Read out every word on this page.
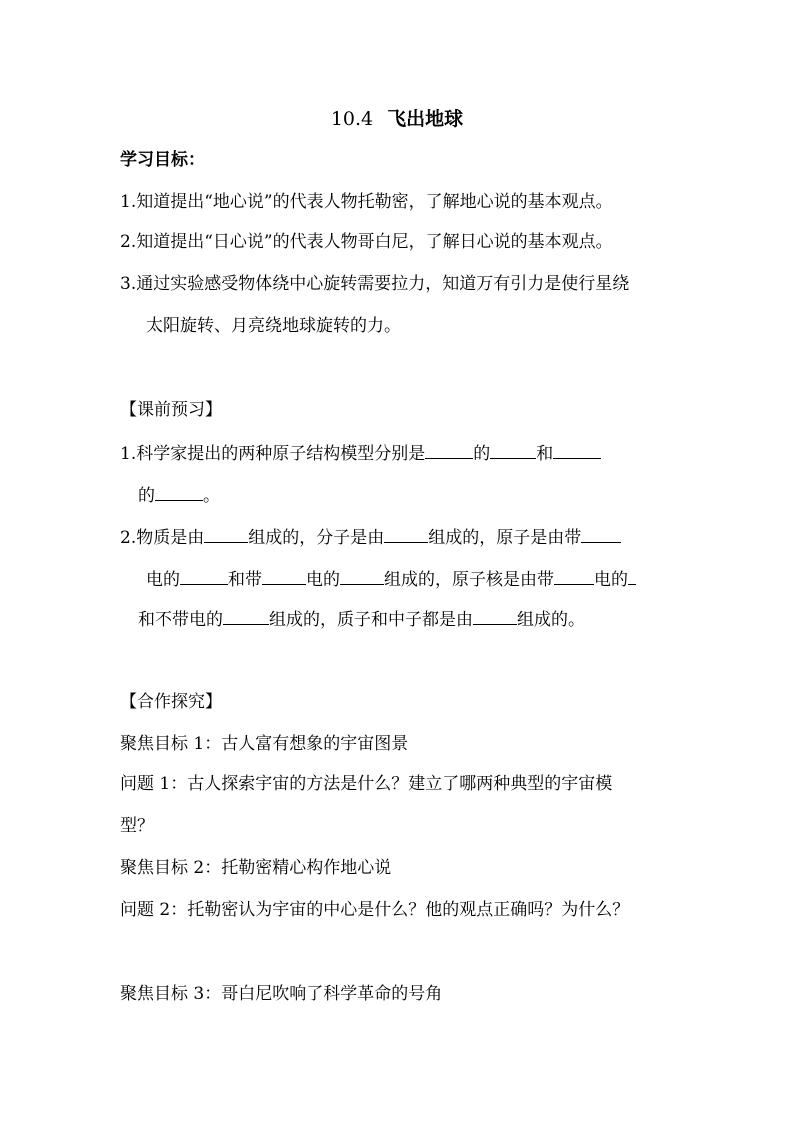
10.4 飞出地球
学习目标：
1.知道提出“地心说”的代表人物托勒密，了解地心说的基本观点。
2.知道提出“日心说”的代表人物哥白尼，了解日心说的基本观点。
3.通过实验感受物体绕中心旋转需要拉力，知道万有引力是使行星绕
太阳旋转、月亮绕地球旋转的力。
【课前预习】
1.科学家提出的两种原子结构模型分别是	的	和
的	。
2.物质是由	组成的，分子是由	组成的，原子是由带
电的	和带	电的	组成的，原子核是由带 电的
和不带电的	组成的，质子和中子都是由	组成的。
【合作探究】
聚焦目标 1：古人富有想象的宇宙图景
问题 1：古人探索宇宙的方法是什么？建立了哪两种典型的宇宙模
型？
聚焦目标 2：托勒密精心构作地心说
问题 2：托勒密认为宇宙的中心是什么？他的观点正确吗？为什么？
聚焦目标 3：哥白尼吹响了科学革命的号角
